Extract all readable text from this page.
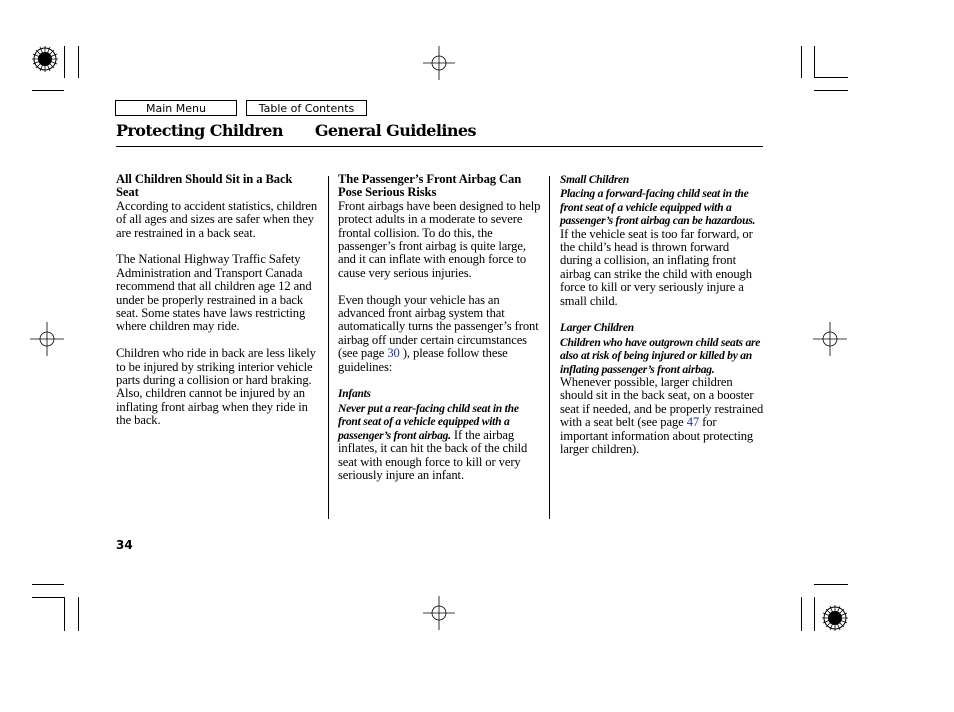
Main Menu	Table of Contents
Protecting Children General Guidelines

All Children Should Sit in a Back Seat
According to accident statistics, children of all ages and sizes are safer when they are restrained in a back seat.

The National Highway Traffic Safety Administration and Transport Canada recommend that all children age 12 and under be properly restrained in a back seat. Some states have laws restricting where children may ride.

Children who ride in back are less likely to be injured by striking interior vehicle parts during a collision or hard braking. Also, children cannot be injured by an inflating front airbag when they ride in the back.

The Passenger’s Front Airbag Can Pose Serious Risks
Front airbags have been designed to help protect adults in a moderate to severe frontal collision. To do this, the passenger’s front airbag is quite large, and it can inflate with enough force to cause very serious injuries.

Even though your vehicle has an advanced front airbag system that automatically turns the passenger’s front airbag off under certain circumstances (see page 30 ), please follow these guidelines:

Infants
Never put a rear-facing child seat in the front seat of a vehicle equipped with a passenger’s front airbag. If the airbag inflates, it can hit the back of the child seat with enough force to kill or very seriously injure an infant.

Small Children
Placing a forward-facing child seat in the front seat of a vehicle equipped with a passenger’s front airbag can be hazardous. If the vehicle seat is too far forward, or the child’s head is thrown forward during a collision, an inflating front airbag can strike the child with enough force to kill or very seriously injure a small child.

Larger Children
Children who have outgrown child seats are also at risk of being injured or killed by an inflating passenger’s front airbag. Whenever possible, larger children should sit in the back seat, on a booster seat if needed, and be properly restrained with a seat belt (see page 47 for important information about protecting larger children).

34
